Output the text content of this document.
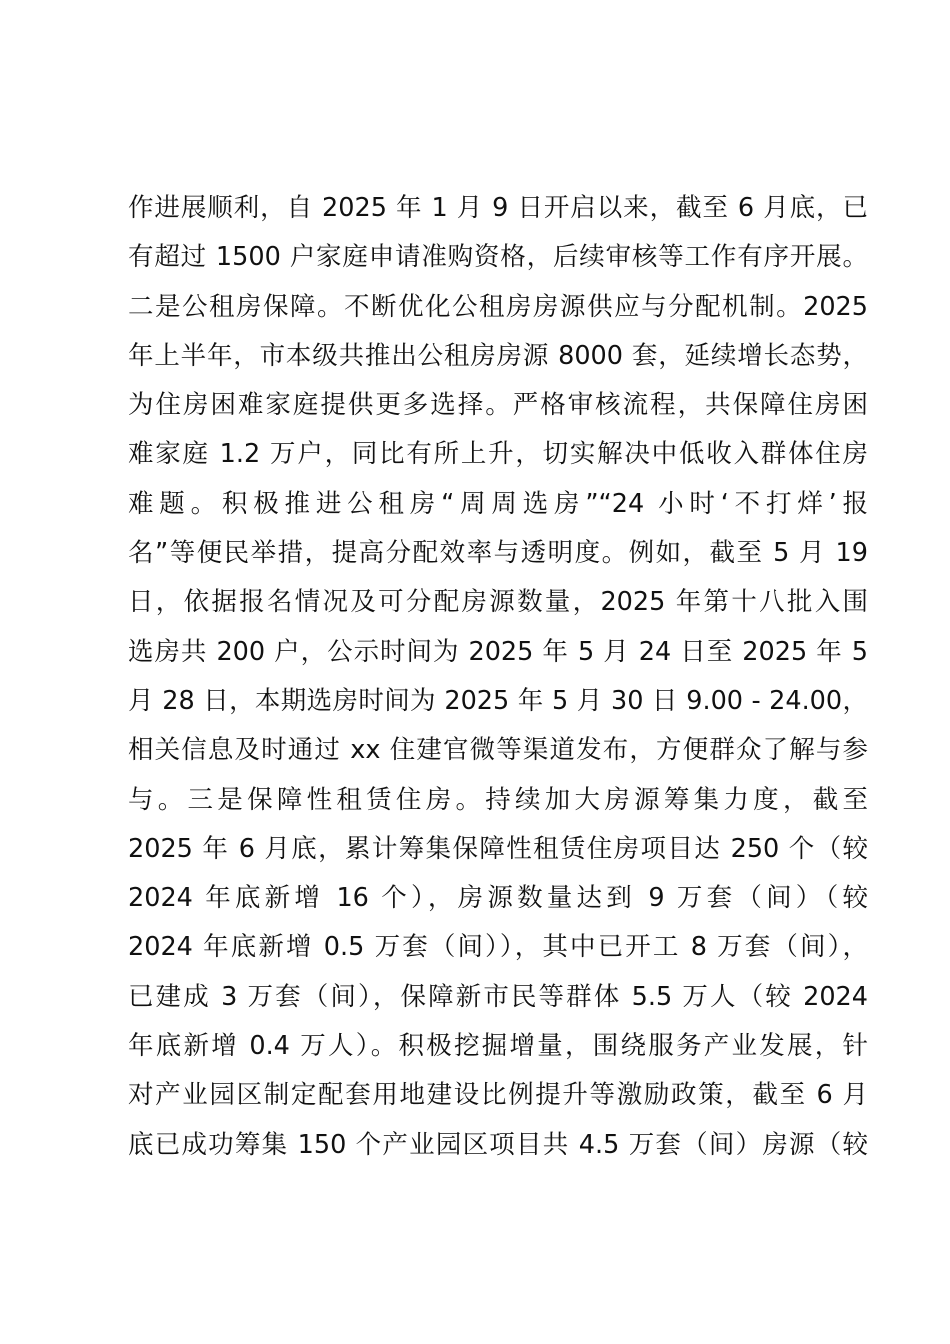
作进展顺利，自 2025 年 1 月 9 日开启以来，截至 6 月底，已
有超过 1500 户家庭申请准购资格，后续审核等工作有序开展。
二是公租房保障。不断优化公租房房源供应与分配机制。2025
年上半年，市本级共推出公租房房源 8000 套，延续增长态势，
为住房困难家庭提供更多选择。严格审核流程，共保障住房困
难家庭 1.2 万户，同比有所上升，切实解决中低收入群体住房
难题。积极推进公租房“周周选房”“24 小时‘不打烊’报
名”等便民举措，提高分配效率与透明度。例如，截至 5 月 19
日，依据报名情况及可分配房源数量，2025 年第十八批入围
选房共 200 户，公示时间为 2025 年 5 月 24 日至 2025 年 5
月 28 日，本期选房时间为 2025 年 5 月 30 日 9.00 - 24.00，
相关信息及时通过 xx 住建官微等渠道发布，方便群众了解与参
与。三是保障性租赁住房。持续加大房源筹集力度，截至
2025 年 6 月底，累计筹集保障性租赁住房项目达 250 个（较
2024 年底新增 16 个），房源数量达到 9 万套（间）（较
2024 年底新增 0.5 万套（间）），其中已开工 8 万套（间），
已建成 3 万套（间），保障新市民等群体 5.5 万人（较 2024
年底新增 0.4 万人）。积极挖掘增量，围绕服务产业发展，针
对产业园区制定配套用地建设比例提升等激励政策，截至 6 月
底已成功筹集 150 个产业园区项目共 4.5 万套（间）房源（较
